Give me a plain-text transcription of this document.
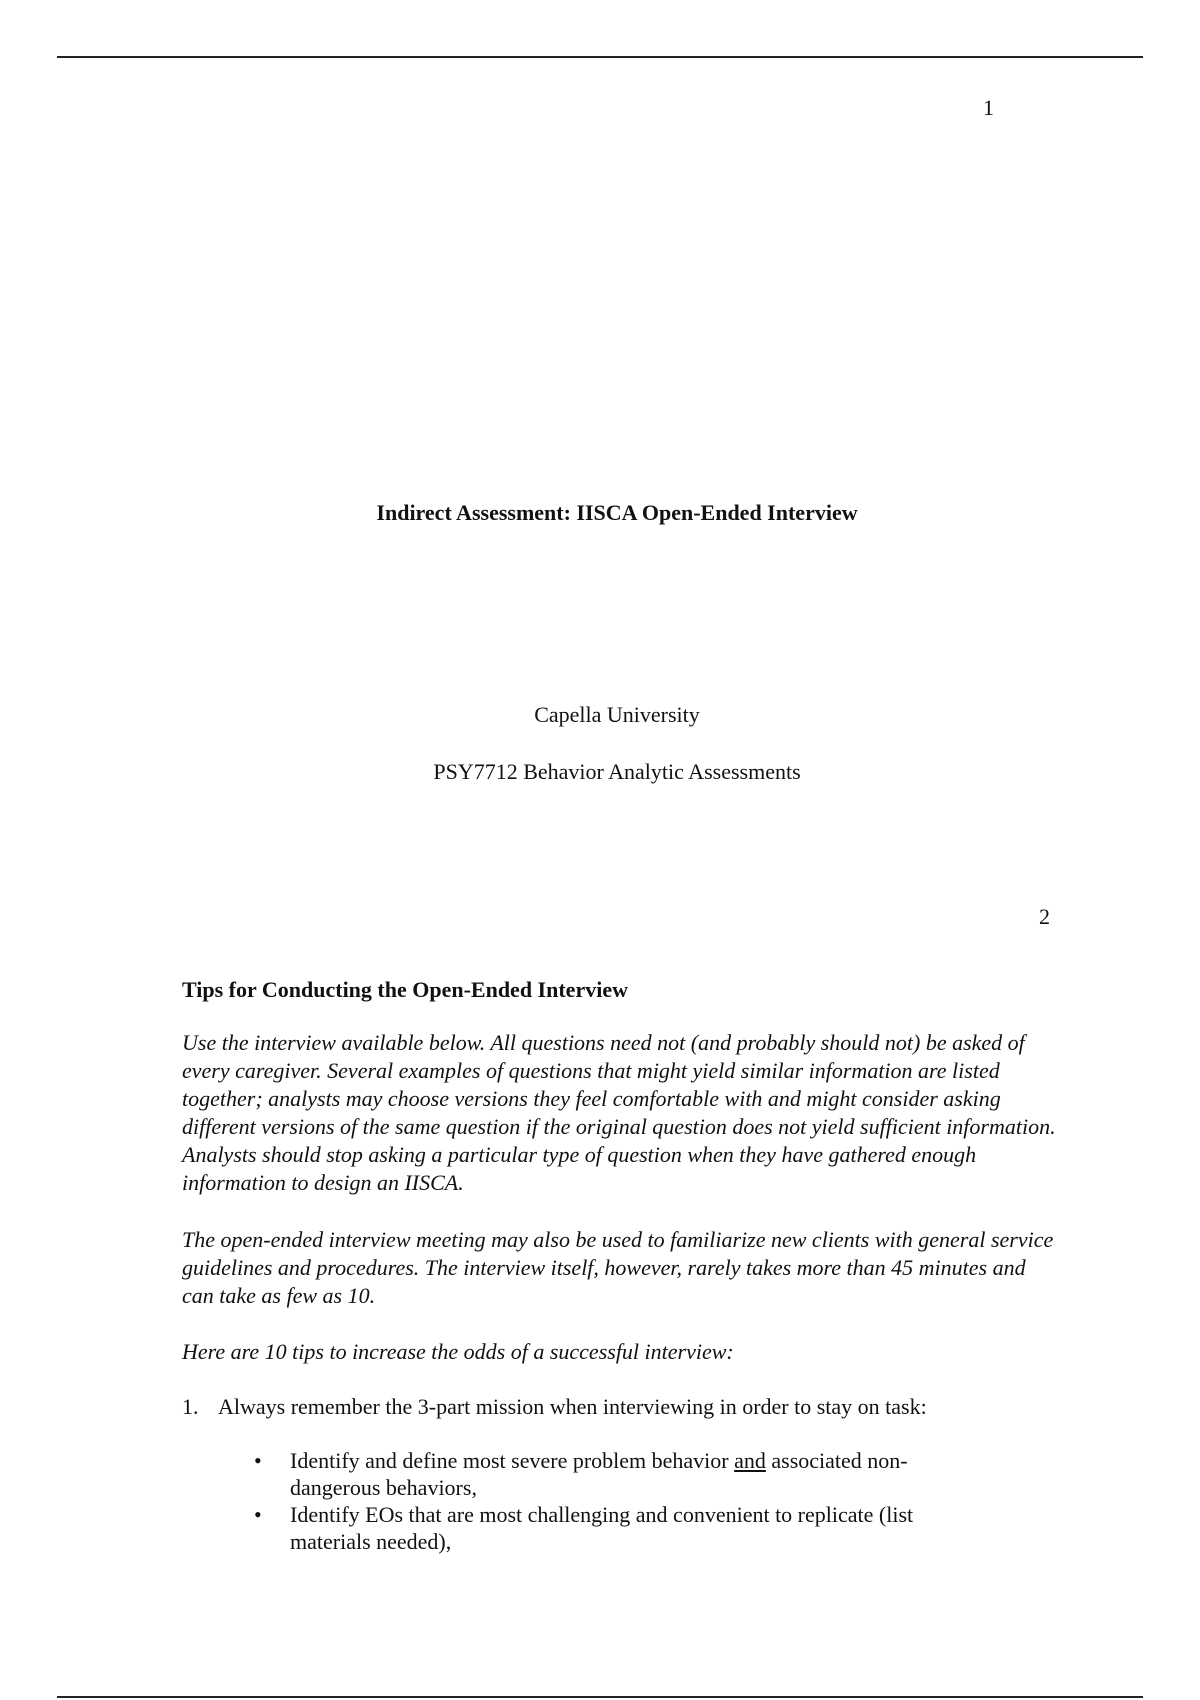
1
Indirect Assessment: IISCA Open-Ended Interview
Capella University
PSY7712 Behavior Analytic Assessments
2
Tips for Conducting the Open-Ended Interview
Use the interview available below. All questions need not (and probably should not) be asked of every caregiver. Several examples of questions that might yield similar information are listed together; analysts may choose versions they feel comfortable with and might consider asking different versions of the same question if the original question does not yield sufficient information. Analysts should stop asking a particular type of question when they have gathered enough information to design an IISCA.
The open-ended interview meeting may also be used to familiarize new clients with general service guidelines and procedures. The interview itself, however, rarely takes more than 45 minutes and can take as few as 10.
Here are 10 tips to increase the odds of a successful interview:
1. Always remember the 3-part mission when interviewing in order to stay on task:
• Identify and define most severe problem behavior and associated non-dangerous behaviors,
• Identify EOs that are most challenging and convenient to replicate (list materials needed),
